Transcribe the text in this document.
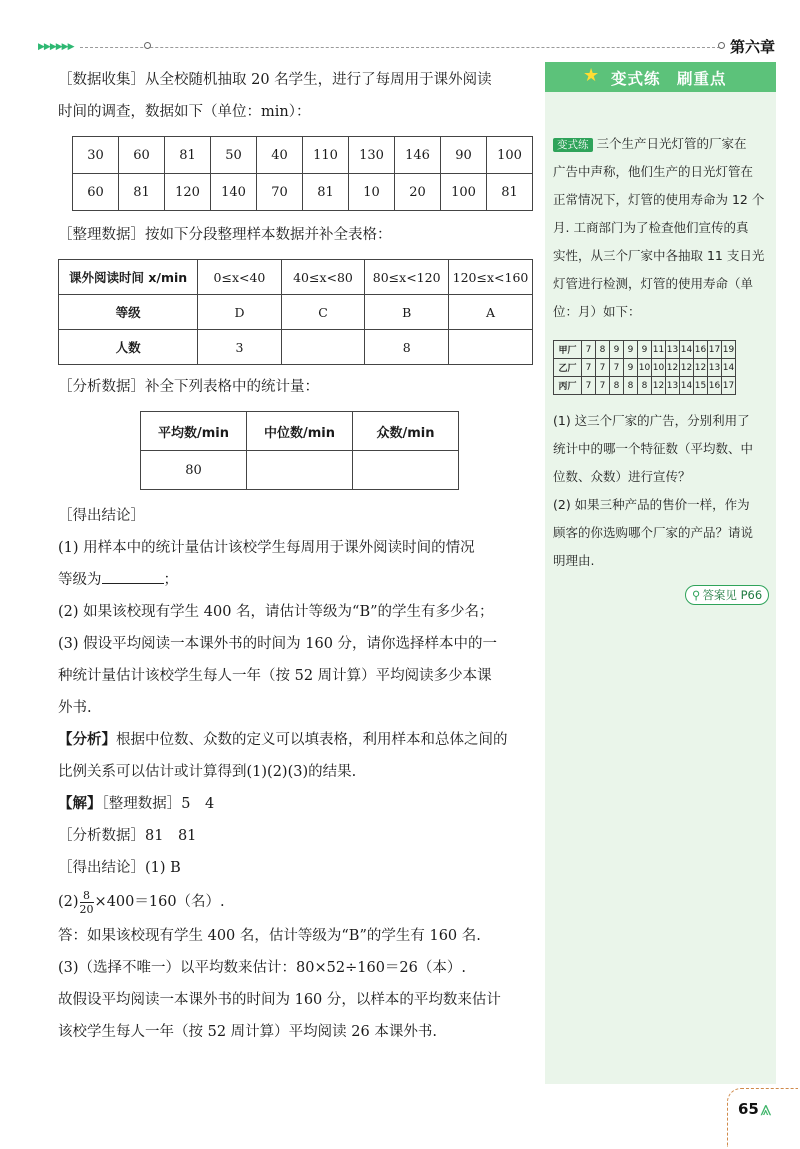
▶▶▶▶▶▶	第六章

［数据收集］从全校随机抽取 20 名学生，进行了每周用于课外阅读

时间的调查，数据如下（单位：min）：

30	60	81	50	40	110	130	146	90	100
60	81	120	140	70	81	10	20	100	81

［整理数据］按如下分段整理样本数据并补全表格：

课外阅读时间 x/min	0≤x<40	40≤x<80	80≤x<120	120≤x<160
等级	D	C	B	A
人数	3		8	

［分析数据］补全下列表格中的统计量：

平均数/min	中位数/min	众数/min
80		

［得出结论］

(1) 用样本中的统计量估计该校学生每周用于课外阅读时间的情况

等级为	；

(2) 如果该校现有学生 400 名，请估计等级为“B”的学生有多少名；

(3) 假设平均阅读一本课外书的时间为 160 分，请你选择样本中的一

种统计量估计该校学生每人一年（按 52 周计算）平均阅读多少本课

外书.

【分析】根据中位数、众数的定义可以填表格，利用样本和总体之间的

比例关系可以估计或计算得到(1)(2)(3)的结果.

【解】［整理数据］5　4

［分析数据］81　81

［得出结论］(1) B

$(2) \frac{8}{20} \times 400=160$（名）.

答：如果该校现有学生 400 名，估计等级为“B”的学生有 160 名.

(3)（选择不唯一）以平均数来估计：80×52÷160＝26（本）.

故假设平均阅读一本课外书的时间为 160 分，以样本的平均数来估计

该校学生每人一年（按 52 周计算）平均阅读 26 本课外书.

★ 变式练　刷重点

变式练 三个生产日光灯管的厂家在

广告中声称，他们生产的日光灯管在

正常情况下，灯管的使用寿命为 12 个

月. 工商部门为了检查他们宣传的真

实性，从三个厂家中各抽取 11 支日光

灯管进行检测，灯管的使用寿命（单

位：月）如下：

甲厂	7	8	9	9	9	11	13	14	16	17	19
乙厂	7	7	7	9	10	10	12	12	12	13	14
丙厂	7	7	8	8	8	12	13	14	15	16	17

(1) 这三个厂家的广告，分别利用了

统计中的哪一个特征数（平均数、中

位数、众数）进行宣传？

(2) 如果三种产品的售价一样，作为

顾客的你选购哪个厂家的产品？请说

明理由.

⚲ 答案见 P66
65 ⩓
